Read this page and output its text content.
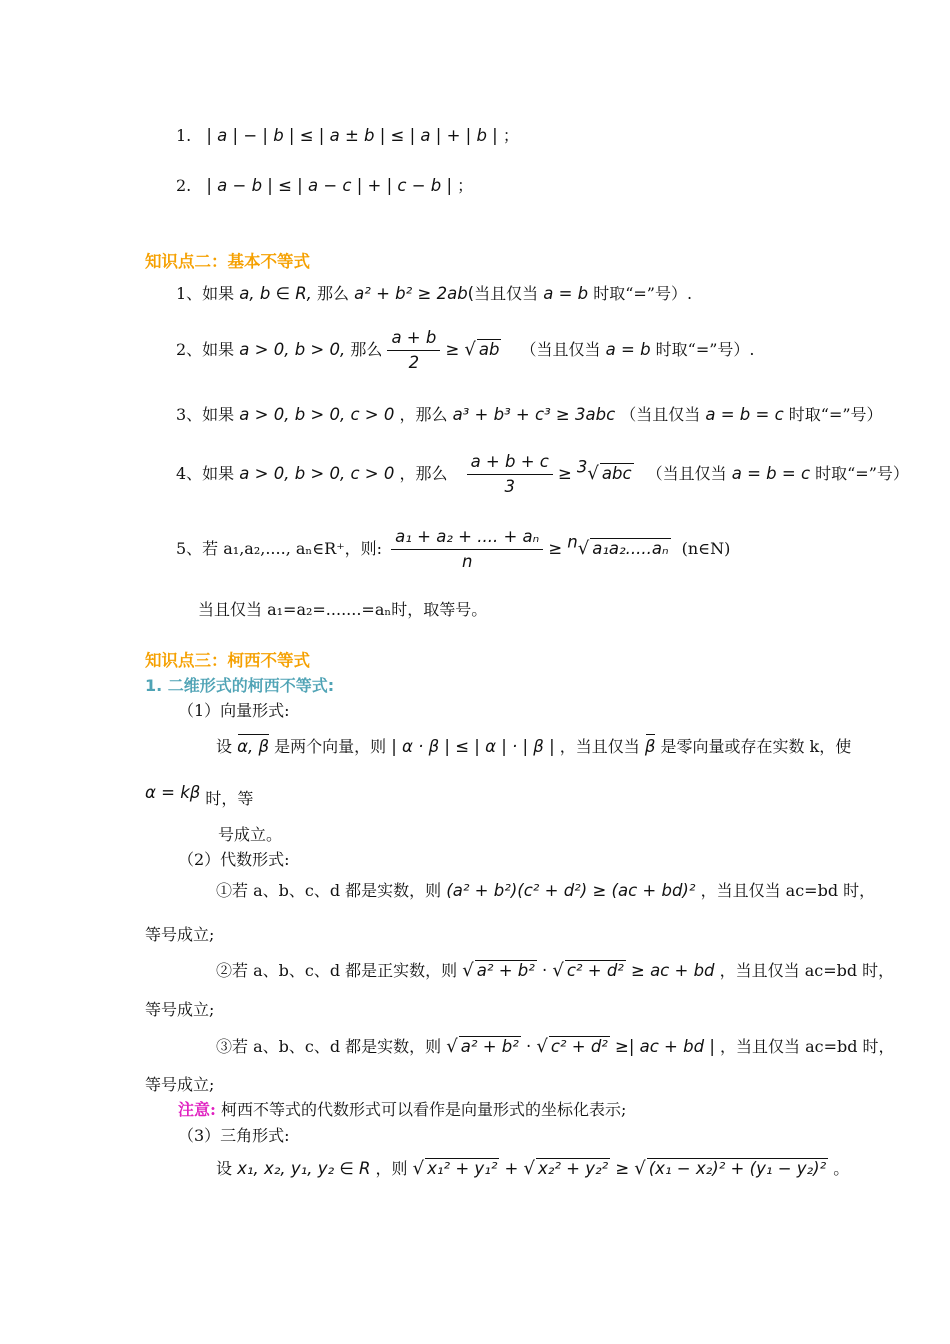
1. | a | − | b | ≤ | a ± b | ≤ | a | + | b | ；
2. | a − b | ≤ | a − c | + | c − b | ；
知识点二：基本不等式
1、如果 a, b ∈ R, 那么 a² + b² ≥ 2ab(当且仅当 a = b 时取“=”号）.
2、如果 a > 0, b > 0, 那么 $\frac{a + b}{2}$ ≥ √ ab （当且仅当 a = b 时取“=”号）.
3、如果 a > 0, b > 0, c > 0 ，那么 a³ + b³ + c³ ≥ 3abc （当且仅当 a = b = c 时取“=”号）
4、如果 a > 0, b > 0, c > 0 ，那么 $\frac{a + b + c}{3} \ge ^3√$ abc （当且仅当 a = b = c 时取“=”号）
5、若 a₁,a₂,...., aₙ∈R⁺，则: $\frac{\text{a₁ + a₂ + .... + aₙ}}{n} \ge ^n√$ a₁a₂.....aₙ (n∈N)
当且仅当 a₁=a₂=.......=aₙ时，取等号。
知识点三：柯西不等式
1. 二维形式的柯西不等式:
（1）向量形式:
设 α, β 是两个向量，则 | α · β | ≤ | α | · | β | ，当且仅当 β 是零向量或存在实数 k，使
α = kβ 时，等
号成立。
（2）代数形式:
①若 a、b、c、d 都是实数，则 (a² + b²)(c² + d²) ≥ (ac + bd)² ，当且仅当 ac=bd 时，
等号成立;
②若 a、b、c、d 都是正实数，则 √ a² + b² · √ c² + d² ≥ ac + bd ，当且仅当 ac=bd 时，
等号成立;
③若 a、b、c、d 都是实数，则 √ a² + b² · √ c² + d² ≥| ac + bd | ，当且仅当 ac=bd 时，
等号成立;
注意: 柯西不等式的代数形式可以看作是向量形式的坐标化表示;
（3）三角形式:
设 x₁, x₂, y₁, y₂ ∈ R ，则 √ x₁² + y₁² + √ x₂² + y₂² ≥ √ (x₁ − x₂)² + (y₁ − y₂)² 。
